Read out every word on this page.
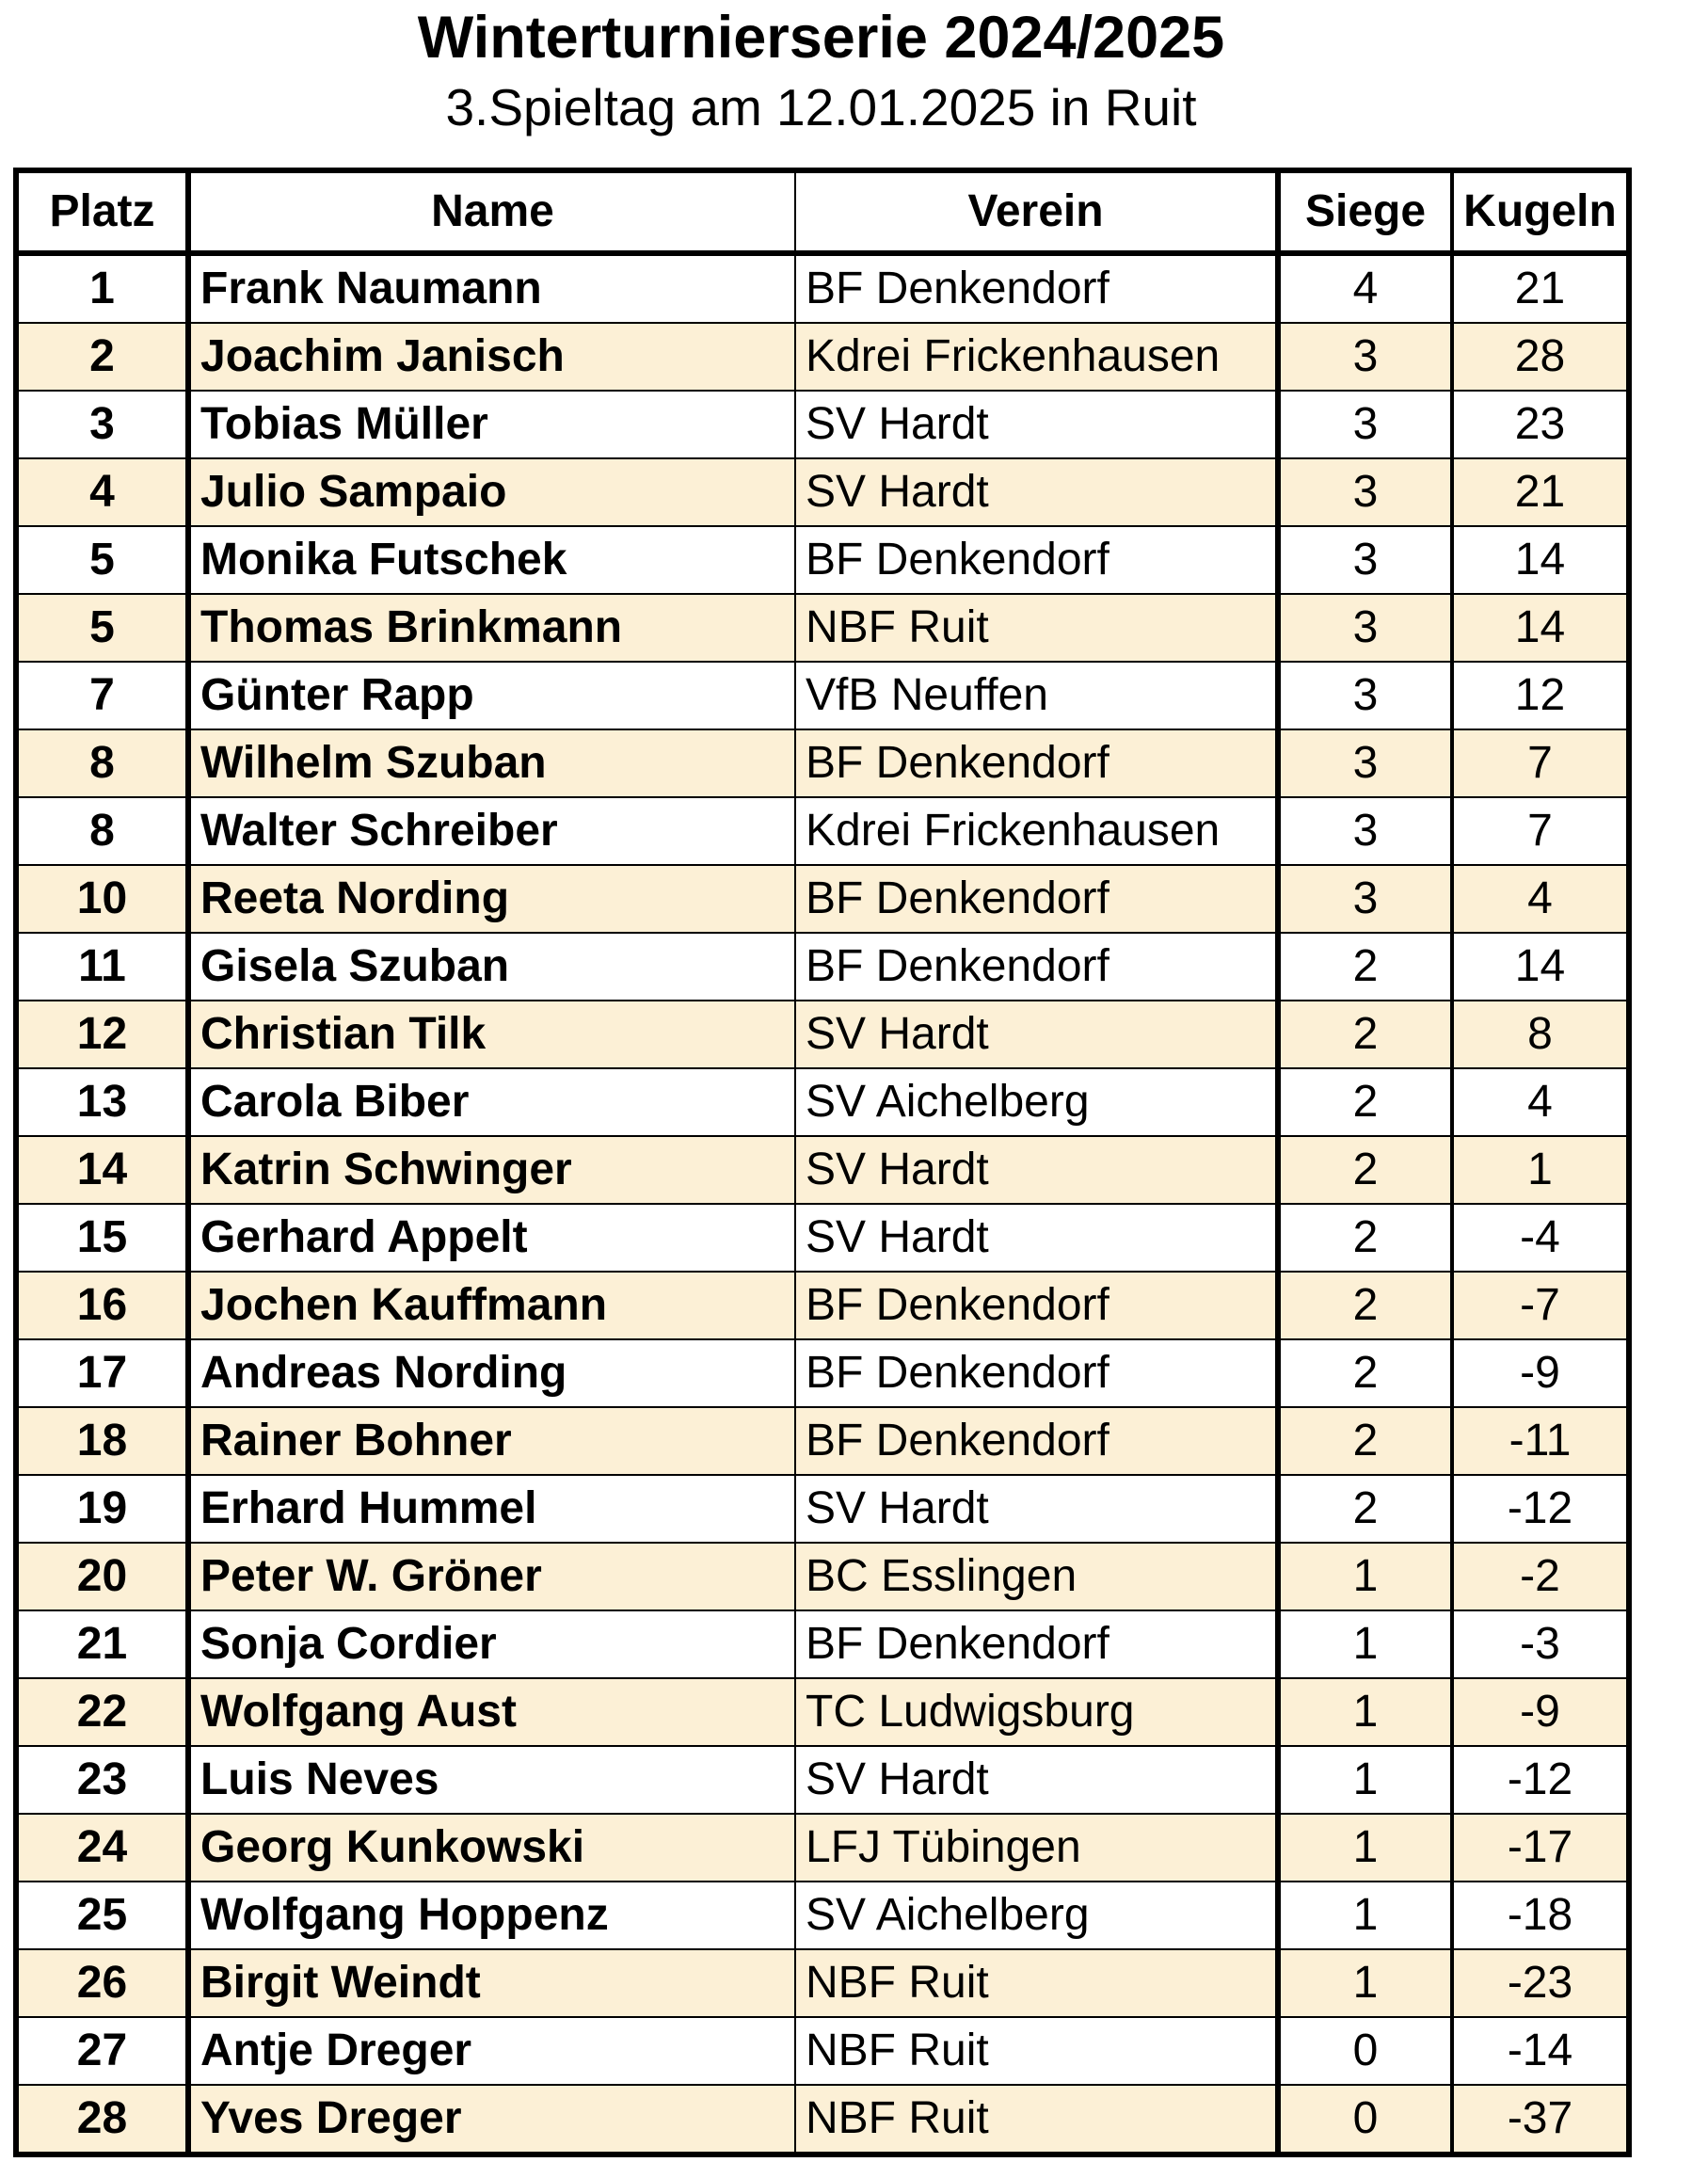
Winterturnierserie 2024/2025
3.Spieltag am 12.01.2025 in Ruit
Platz	Name	Verein	Siege	Kugeln
1	Frank Naumann	BF Denkendorf	4	21
2	Joachim Janisch	Kdrei Frickenhausen	3	28
3	Tobias Müller	SV Hardt	3	23
4	Julio Sampaio	SV Hardt	3	21
5	Monika Futschek	BF Denkendorf	3	14
5	Thomas Brinkmann	NBF Ruit	3	14
7	Günter Rapp	VfB Neuffen	3	12
8	Wilhelm Szuban	BF Denkendorf	3	7
8	Walter Schreiber	Kdrei Frickenhausen	3	7
10	Reeta Nording	BF Denkendorf	3	4
11	Gisela Szuban	BF Denkendorf	2	14
12	Christian Tilk	SV Hardt	2	8
13	Carola Biber	SV Aichelberg	2	4
14	Katrin Schwinger	SV Hardt	2	1
15	Gerhard Appelt	SV Hardt	2	-4
16	Jochen Kauffmann	BF Denkendorf	2	-7
17	Andreas Nording	BF Denkendorf	2	-9
18	Rainer Bohner	BF Denkendorf	2	-11
19	Erhard Hummel	SV Hardt	2	-12
20	Peter W. Gröner	BC Esslingen	1	-2
21	Sonja Cordier	BF Denkendorf	1	-3
22	Wolfgang Aust	TC Ludwigsburg	1	-9
23	Luis Neves	SV Hardt	1	-12
24	Georg Kunkowski	LFJ Tübingen	1	-17
25	Wolfgang Hoppenz	SV Aichelberg	1	-18
26	Birgit Weindt	NBF Ruit	1	-23
27	Antje Dreger	NBF Ruit	0	-14
28	Yves Dreger	NBF Ruit	0	-37
